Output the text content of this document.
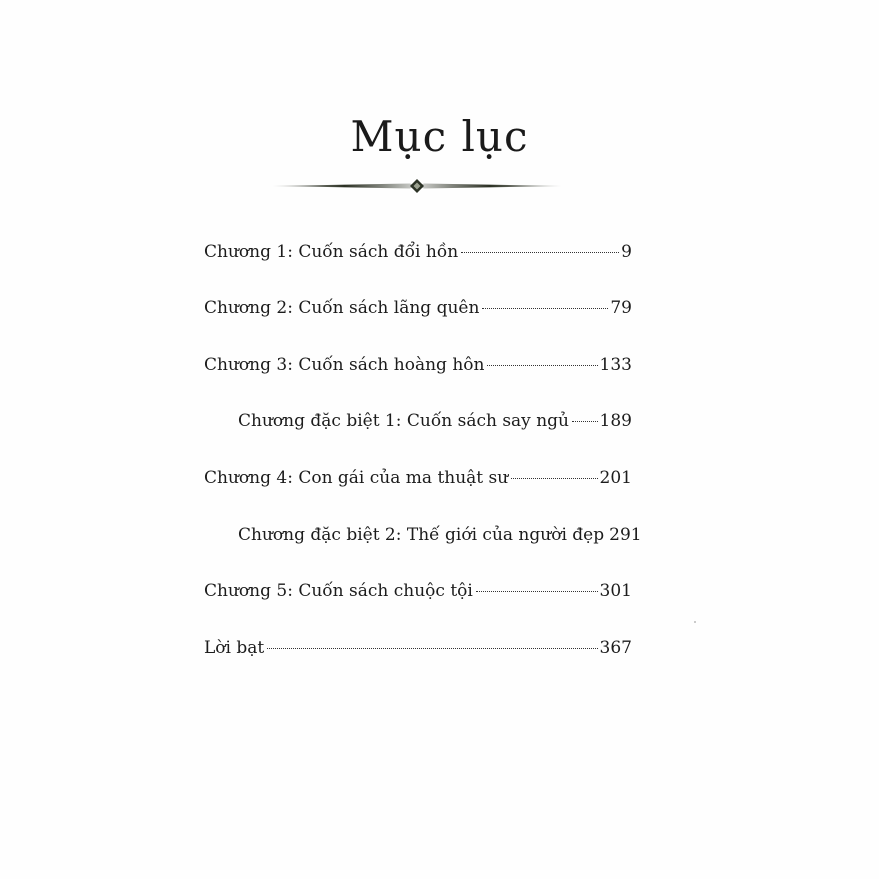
Mục lục
Chương 1: Cuốn sách đổi hồn	9
Chương 2: Cuốn sách lãng quên	79
Chương 3: Cuốn sách hoàng hôn	133
Chương đặc biệt 1: Cuốn sách say ngủ 189
Chương 4: Con gái của ma thuật sư	201
Chương đặc biệt 2: Thế giới của người đẹp 291
Chương 5: Cuốn sách chuộc tội	301
Lời bạt	367
